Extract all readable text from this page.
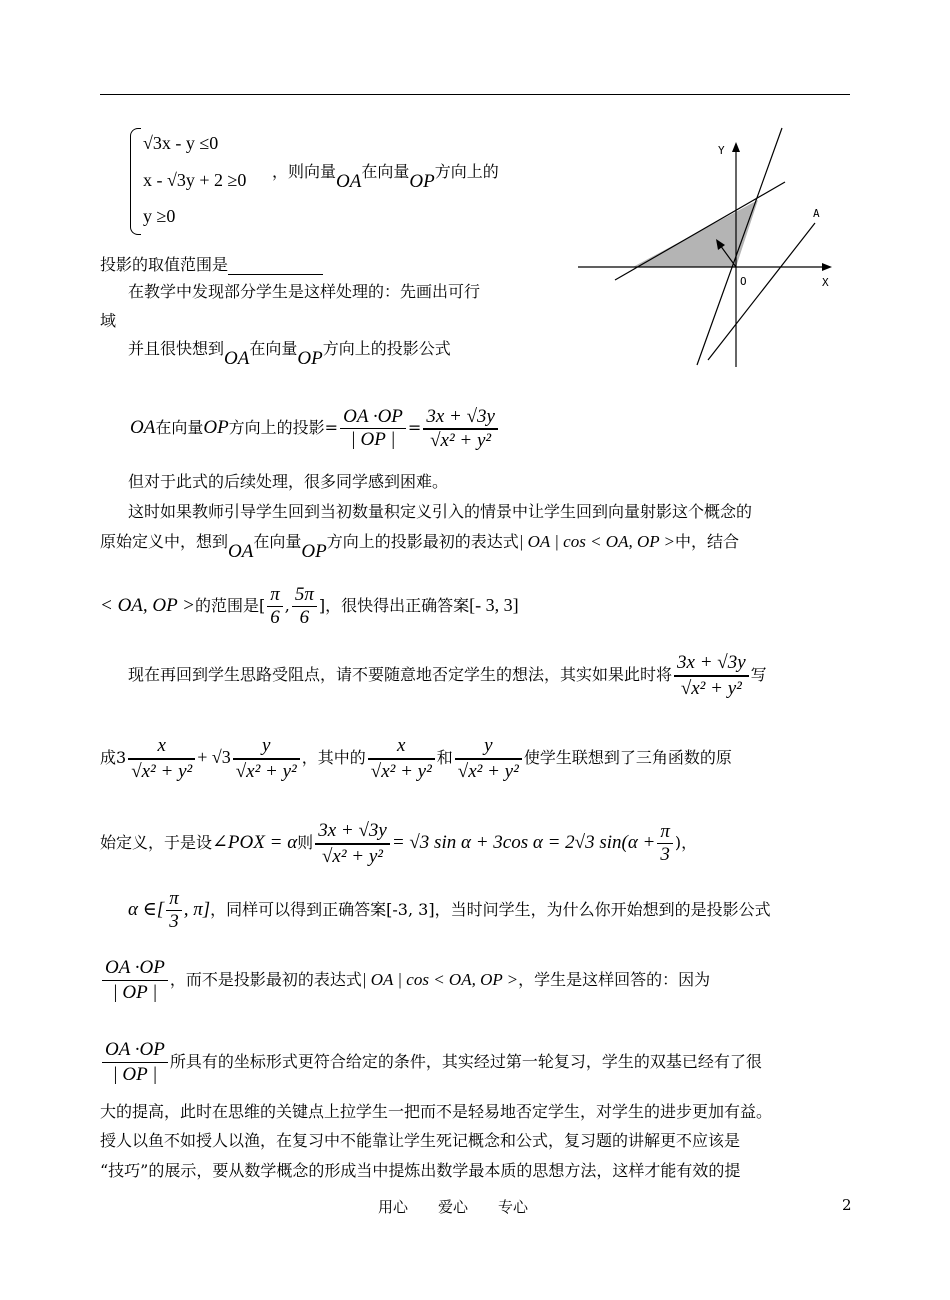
√3x - y ≤0
x - √3y + 2 ≥0
y ≥0
，则向量OA在向量OP方向上的
投影的取值范围是
在教学中发现部分学生是这样处理的：先画出可行
域
并且很快想到OA在向量OP方向上的投影公式
OA在向量OP方向上的投影= $\frac{OA \cdot OP}{| OP |} = \frac{3x + √3y}{\text{√x² + y²}}$
但对于此式的后续处理，很多同学感到困难。
这时如果教师引导学生回到当初数量积定义引入的情景中让学生回到向量射影这个概念的
原始定义中，想到OA在向量OP方向上的投影最初的表达式| OA | cos < OA, OP >中，结合
< OA, OP >的范围是[ $\frac{\pi}{6}$ , $\frac{5\pi}{6}$ ]，很快得出正确答案[- 3, 3]
现在再回到学生思路受阻点，请不要随意地否定学生的想法，其实如果此时将 $\frac{3x + √3y}{\text{√x² + y²}}$ 写
成$3 \frac{x}{\text{√x² + y²}} + √3 \frac{y}{\text{√x² + y²}}$ ，其中的 $\frac{x}{\text{√x² + y²}}$ 和 $\frac{y}{\text{√x² + y²}}$ 使学生联想到了三角函数的原
始定义，于是设∠POX = α则 $\frac{3x + √3y}{\text{√x² + y²}} = √3$ sin α + 3cos α = 2√3 $\sin(\alpha + \frac{\pi}{3}$ )，
α ∈[ $\frac{\pi}{3}$ , π]，同样可以得到正确答案[-3, 3]，当时问学生，为什么你开始想到的是投影公式
$\frac{OA \cdot OP}{| OP |}$ ，而不是投影最初的表达式| OA | cos < OA, OP >，学生是这样回答的：因为
$\frac{OA \cdot OP}{| OP |}$ 所具有的坐标形式更符合给定的条件，其实经过第一轮复习，学生的双基已经有了很
大的提高，此时在思维的关键点上拉学生一把而不是轻易地否定学生，对学生的进步更加有益。
授人以鱼不如授人以渔，在复习中不能靠让学生死记概念和公式，复习题的讲解更不应该是
“技巧”的展示，要从数学概念的形成当中提炼出数学最本质的思想方法，这样才能有效的提
Y
X
O
A
用心　　爱心　　专心	2
